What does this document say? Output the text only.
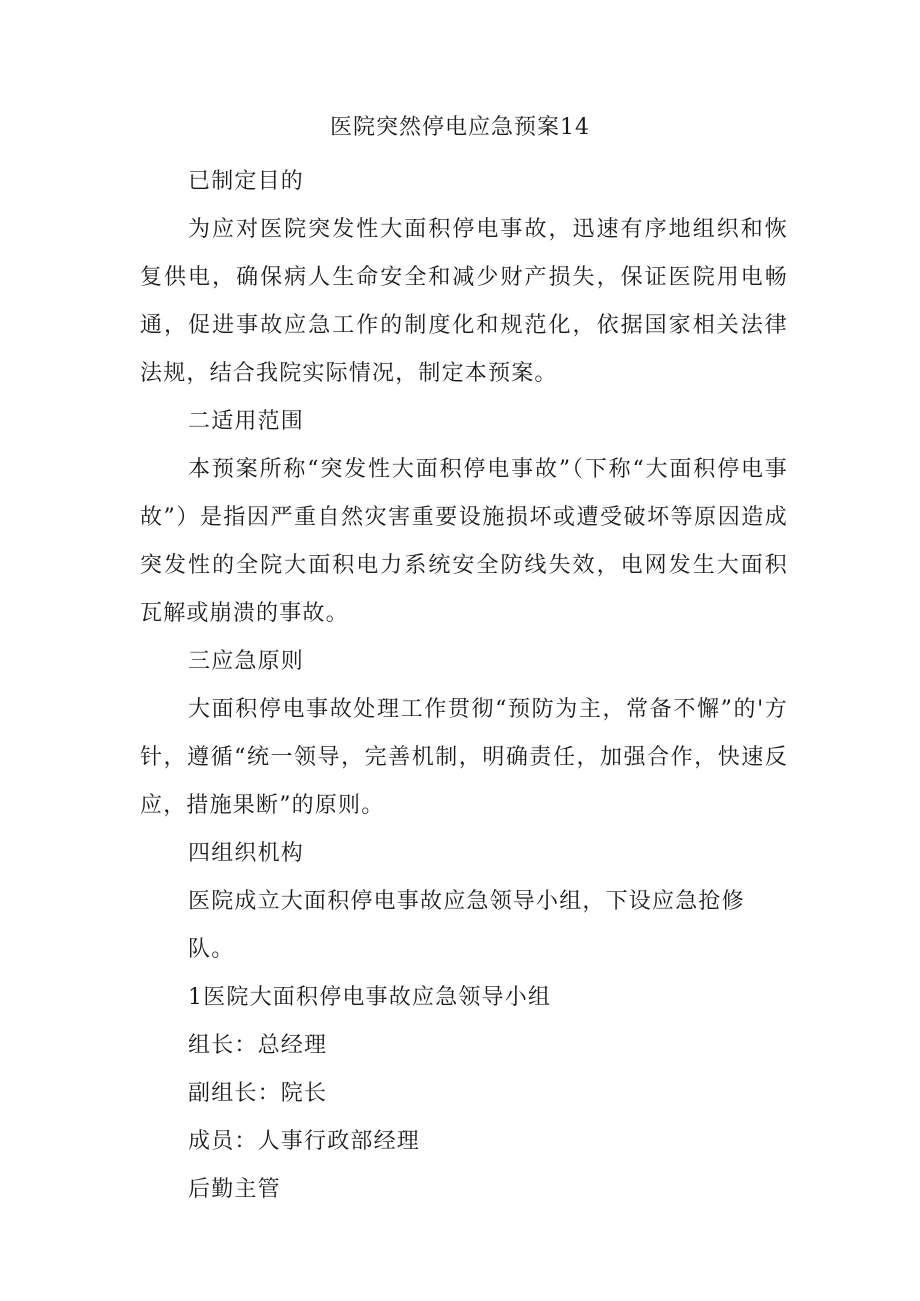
医院突然停电应急预案14

已制定目的

为应对医院突发性大面积停电事故，迅速有序地组织和恢复供电，确保病人生命安全和减少财产损失，保证医院用电畅通，促进事故应急工作的制度化和规范化，依据国家相关法律法规，结合我院实际情况，制定本预案。

二适用范围

本预案所称“突发性大面积停电事故”（下称“大面积停电事故”）是指因严重自然灾害重要设施损坏或遭受破坏等原因造成突发性的全院大面积电力系统安全防线失效，电网发生大面积瓦解或崩溃的事故。

三应急原则

大面积停电事故处理工作贯彻“预防为主，常备不懈”的'方针，遵循“统一领导，完善机制，明确责任，加强合作，快速反应，措施果断”的原则。

四组织机构

医院成立大面积停电事故应急领导小组，下设应急抢修队。

1医院大面积停电事故应急领导小组

组长：总经理

副组长：院长

成员：人事行政部经理

后勤主管
